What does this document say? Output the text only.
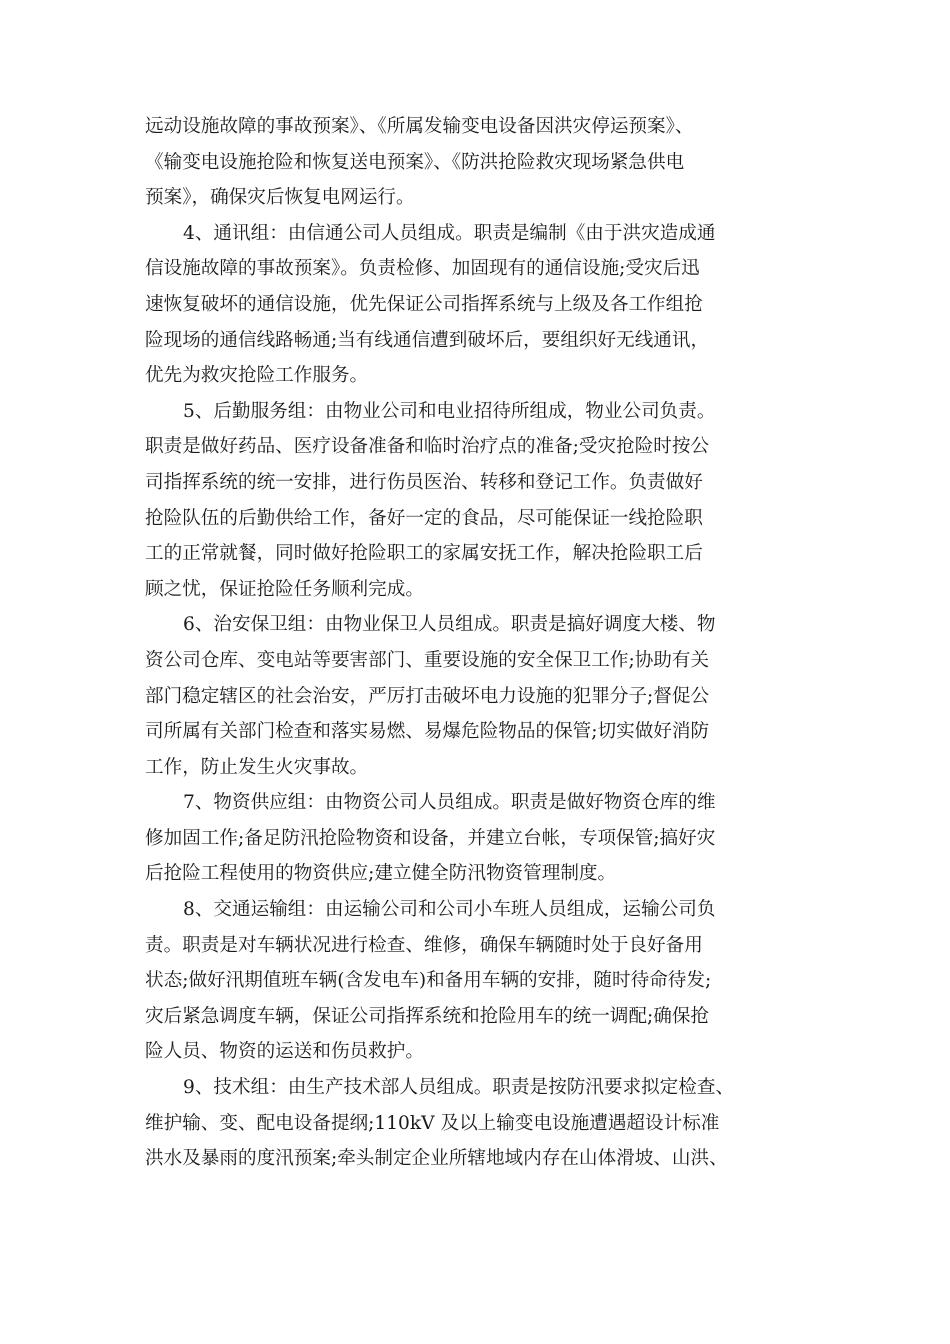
远动设施故障的事故预案》、《所属发输变电设备因洪灾停运预案》、
《输变电设施抢险和恢复送电预案》、《防洪抢险救灾现场紧急供电
预案》，确保灾后恢复电网运行。
4、通讯组：由信通公司人员组成。职责是编制《由于洪灾造成通
信设施故障的事故预案》。负责检修、加固现有的通信设施;受灾后迅
速恢复破坏的通信设施，优先保证公司指挥系统与上级及各工作组抢
险现场的通信线路畅通;当有线通信遭到破坏后，要组织好无线通讯，
优先为救灾抢险工作服务。
5、后勤服务组：由物业公司和电业招待所组成，物业公司负责。
职责是做好药品、医疗设备准备和临时治疗点的准备;受灾抢险时按公
司指挥系统的统一安排，进行伤员医治、转移和登记工作。负责做好
抢险队伍的后勤供给工作，备好一定的食品，尽可能保证一线抢险职
工的正常就餐，同时做好抢险职工的家属安抚工作，解决抢险职工后
顾之忧，保证抢险任务顺利完成。
6、治安保卫组：由物业保卫人员组成。职责是搞好调度大楼、物
资公司仓库、变电站等要害部门、重要设施的安全保卫工作;协助有关
部门稳定辖区的社会治安，严厉打击破坏电力设施的犯罪分子;督促公
司所属有关部门检查和落实易燃、易爆危险物品的保管;切实做好消防
工作，防止发生火灾事故。
7、物资供应组：由物资公司人员组成。职责是做好物资仓库的维
修加固工作;备足防汛抢险物资和设备，并建立台帐，专项保管;搞好灾
后抢险工程使用的物资供应;建立健全防汛物资管理制度。
8、交通运输组：由运输公司和公司小车班人员组成，运输公司负
责。职责是对车辆状况进行检查、维修，确保车辆随时处于良好备用
状态;做好汛期值班车辆(含发电车)和备用车辆的安排，随时待命待发;
灾后紧急调度车辆，保证公司指挥系统和抢险用车的统一调配;确保抢
险人员、物资的运送和伤员救护。
9、技术组：由生产技术部人员组成。职责是按防汛要求拟定检查、
维护输、变、配电设备提纲;110kV 及以上输变电设施遭遇超设计标准
洪水及暴雨的度汛预案;牵头制定企业所辖地域内存在山体滑坡、山洪、
